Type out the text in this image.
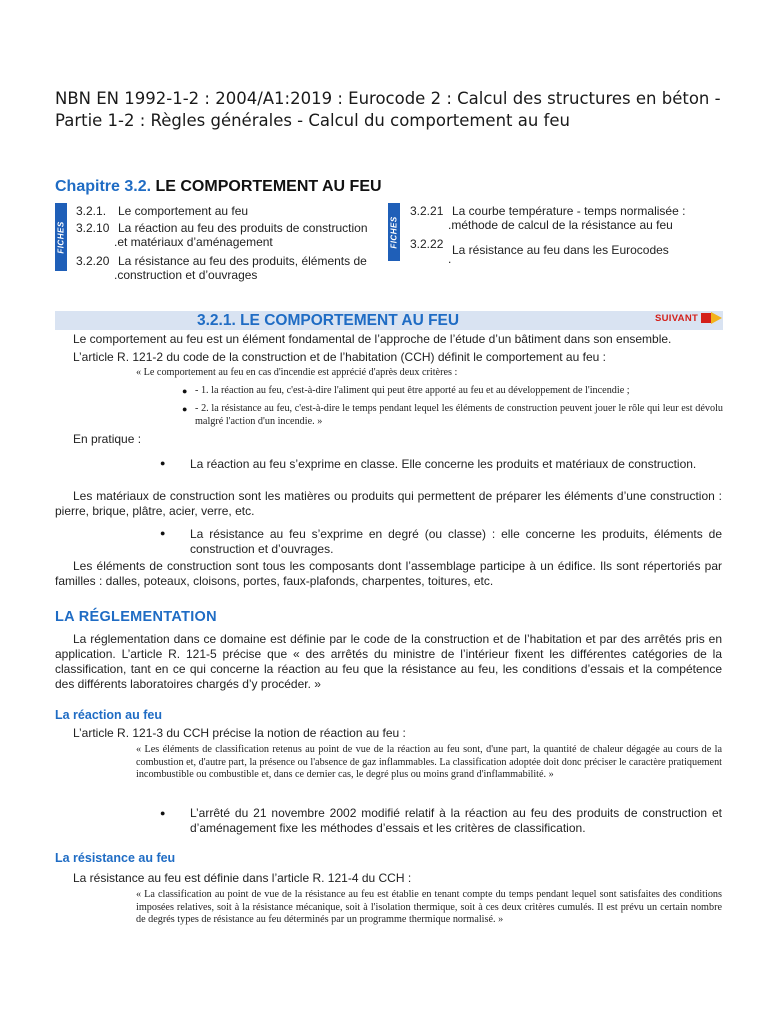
NBN EN 1992-1-2 : 2004/A1:2019 : Eurocode 2 : Calcul des structures en béton - Partie 1-2 : Règles générales - Calcul du comportement au feu
Chapitre 3.2. LE COMPORTEMENT AU FEU
FICHES	FICHES
3.2.1. Le comportement au feu
3.2.10 La réaction au feu des produits de construction
.et matériaux d’aménagement
3.2.20 La résistance au feu des produits, éléments de
.construction et d’ouvrages
3.2.21 La courbe température - temps normalisée :
.méthode de calcul de la résistance au feu
3.2.22 La résistance au feu dans les Eurocodes
.
3.2.1. LE COMPORTEMENT AU FEU	SUIVANT

Le comportement au feu est un élément fondamental de l’approche de l’étude d’un bâtiment dans son ensemble.

L’article R. 121-2 du code de la construction et de l’habitation (CCH) définit le comportement au feu :

« Le comportement au feu en cas d'incendie est apprécié d'après deux critères :

● - 1. la réaction au feu, c'est-à-dire l'aliment qui peut être apporté au feu et au développement de l'incendie ;

● - 2. la résistance au feu, c'est-à-dire le temps pendant lequel les éléments de construction peuvent jouer le rôle qui leur est dévolu malgré l'action d'un incendie. »

En pratique :

● La réaction au feu s’exprime en classe. Elle concerne les produits et matériaux de construction.

Les matériaux de construction sont les matières ou produits qui permettent de préparer les éléments d’une construction : pierre, brique, plâtre, acier, verre, etc.

● La résistance au feu s’exprime en degré (ou classe) : elle concerne les produits, éléments de construction et d’ouvrages.

Les éléments de construction sont tous les composants dont l’assemblage participe à un édifice. Ils sont répertoriés par familles : dalles, poteaux, cloisons, portes, faux-plafonds, charpentes, toitures, etc.

LA RÉGLEMENTATION

La réglementation dans ce domaine est définie par le code de la construction et de l’habitation et par des arrêtés pris en application. L’article R. 121-5 précise que « des arrêtés du ministre de l’intérieur fixent les différentes catégories de la classification, tant en ce qui concerne la réaction au feu que la résistance au feu, les conditions d’essais et la compétence des différents laboratoires chargés d’y procéder. »

La réaction au feu

L’article R. 121-3 du CCH précise la notion de réaction au feu :

« Les éléments de classification retenus au point de vue de la réaction au feu sont, d'une part, la quantité de chaleur dégagée au cours de la combustion et, d'autre part, la présence ou l'absence de gaz inflammables. La classification adoptée doit donc préciser le caractère pratiquement incombustible ou combustible et, dans ce dernier cas, le degré plus ou moins grand d'inflammabilité. »

● L’arrêté du 21 novembre 2002 modifié relatif à la réaction au feu des produits de construction et d’aménagement fixe les méthodes d’essais et les critères de classification.

La résistance au feu

La résistance au feu est définie dans l’article R. 121-4 du CCH :

« La classification au point de vue de la résistance au feu est établie en tenant compte du temps pendant lequel sont satisfaites des conditions imposées relatives, soit à la résistance mécanique, soit à l'isolation thermique, soit à ces deux critères cumulés. Il est prévu un certain nombre de degrés types de résistance au feu déterminés par un programme thermique normalisé. »
